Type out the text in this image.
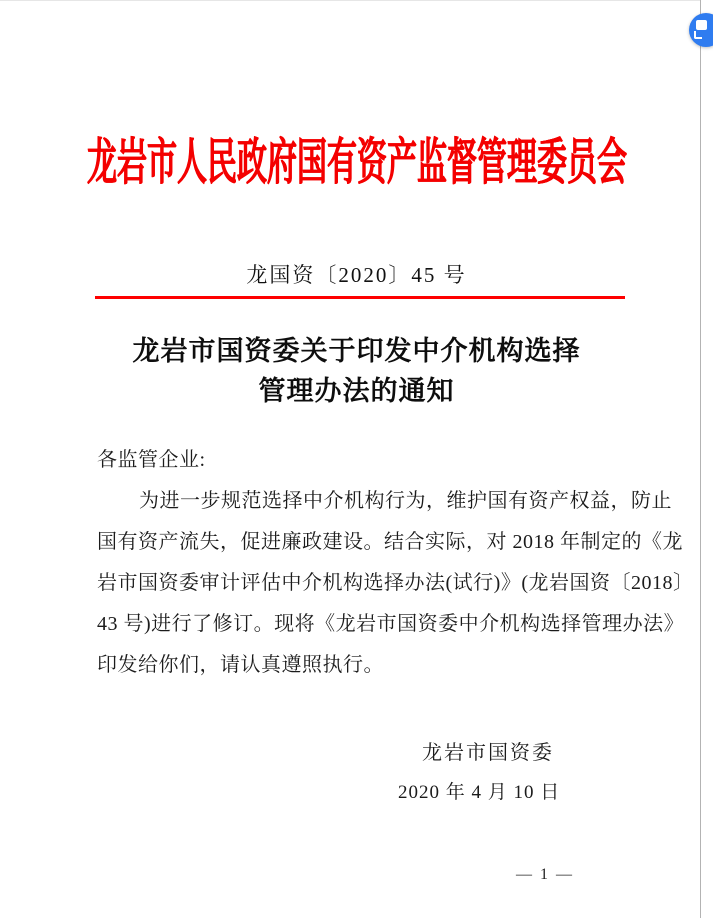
龙岩市人民政府国有资产监督管理委员会
龙国资〔2020〕45 号
龙岩市国资委关于印发中介机构选择
管理办法的通知
各监管企业:
为进一步规范选择中介机构行为，维护国有资产权益，防止
国有资产流失，促进廉政建设。结合实际，对 2018 年制定的《龙
岩市国资委审计评估中介机构选择办法(试行)》(龙岩国资〔2018〕
43 号)进行了修订。现将《龙岩市国资委中介机构选择管理办法》
印发给你们，请认真遵照执行。
龙岩市国资委
2020 年 4 月 10 日
— 1 —
